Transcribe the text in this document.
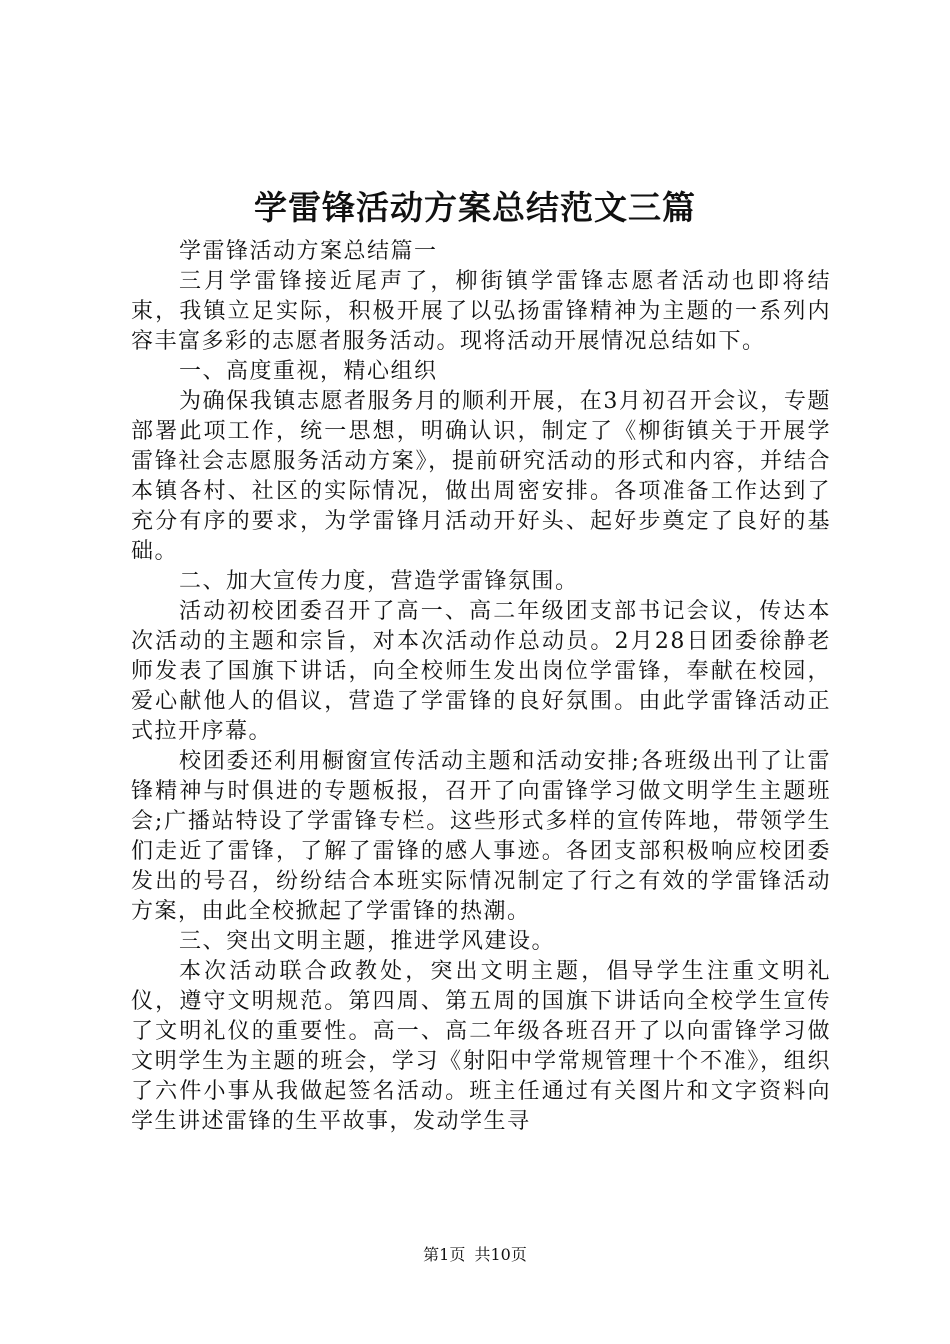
学雷锋活动方案总结范文三篇

学雷锋活动方案总结篇一

三月学雷锋接近尾声了，柳街镇学雷锋志愿者活动也即将结束，我镇立足实际，积极开展了以弘扬雷锋精神为主题的一系列内容丰富多彩的志愿者服务活动。现将活动开展情况总结如下。

一、高度重视，精心组织

为确保我镇志愿者服务月的顺利开展，在3月初召开会议，专题部署此项工作，统一思想，明确认识，制定了《柳街镇关于开展学雷锋社会志愿服务活动方案》，提前研究活动的形式和内容，并结合本镇各村、社区的实际情况，做出周密安排。各项准备工作达到了充分有序的要求，为学雷锋月活动开好头、起好步奠定了良好的基础。

二、加大宣传力度，营造学雷锋氛围。

活动初校团委召开了高一、高二年级团支部书记会议，传达本次活动的主题和宗旨，对本次活动作总动员。2月28日团委徐静老师发表了国旗下讲话，向全校师生发出岗位学雷锋，奉献在校园，爱心献他人的倡议，营造了学雷锋的良好氛围。由此学雷锋活动正式拉开序幕。

校团委还利用橱窗宣传活动主题和活动安排;各班级出刊了让雷锋精神与时俱进的专题板报，召开了向雷锋学习做文明学生主题班会;广播站特设了学雷锋专栏。这些形式多样的宣传阵地，带领学生们走近了雷锋，了解了雷锋的感人事迹。各团支部积极响应校团委发出的号召，纷纷结合本班实际情况制定了行之有效的学雷锋活动方案，由此全校掀起了学雷锋的热潮。

三、突出文明主题，推进学风建设。

本次活动联合政教处，突出文明主题，倡导学生注重文明礼仪，遵守文明规范。第四周、第五周的国旗下讲话向全校学生宣传了文明礼仪的重要性。高一、高二年级各班召开了以向雷锋学习做文明学生为主题的班会，学习《射阳中学常规管理十个不准》，组织了六件小事从我做起签名活动。班主任通过有关图片和文字资料向学生讲述雷锋的生平故事，发动学生寻

第1页 共10页
